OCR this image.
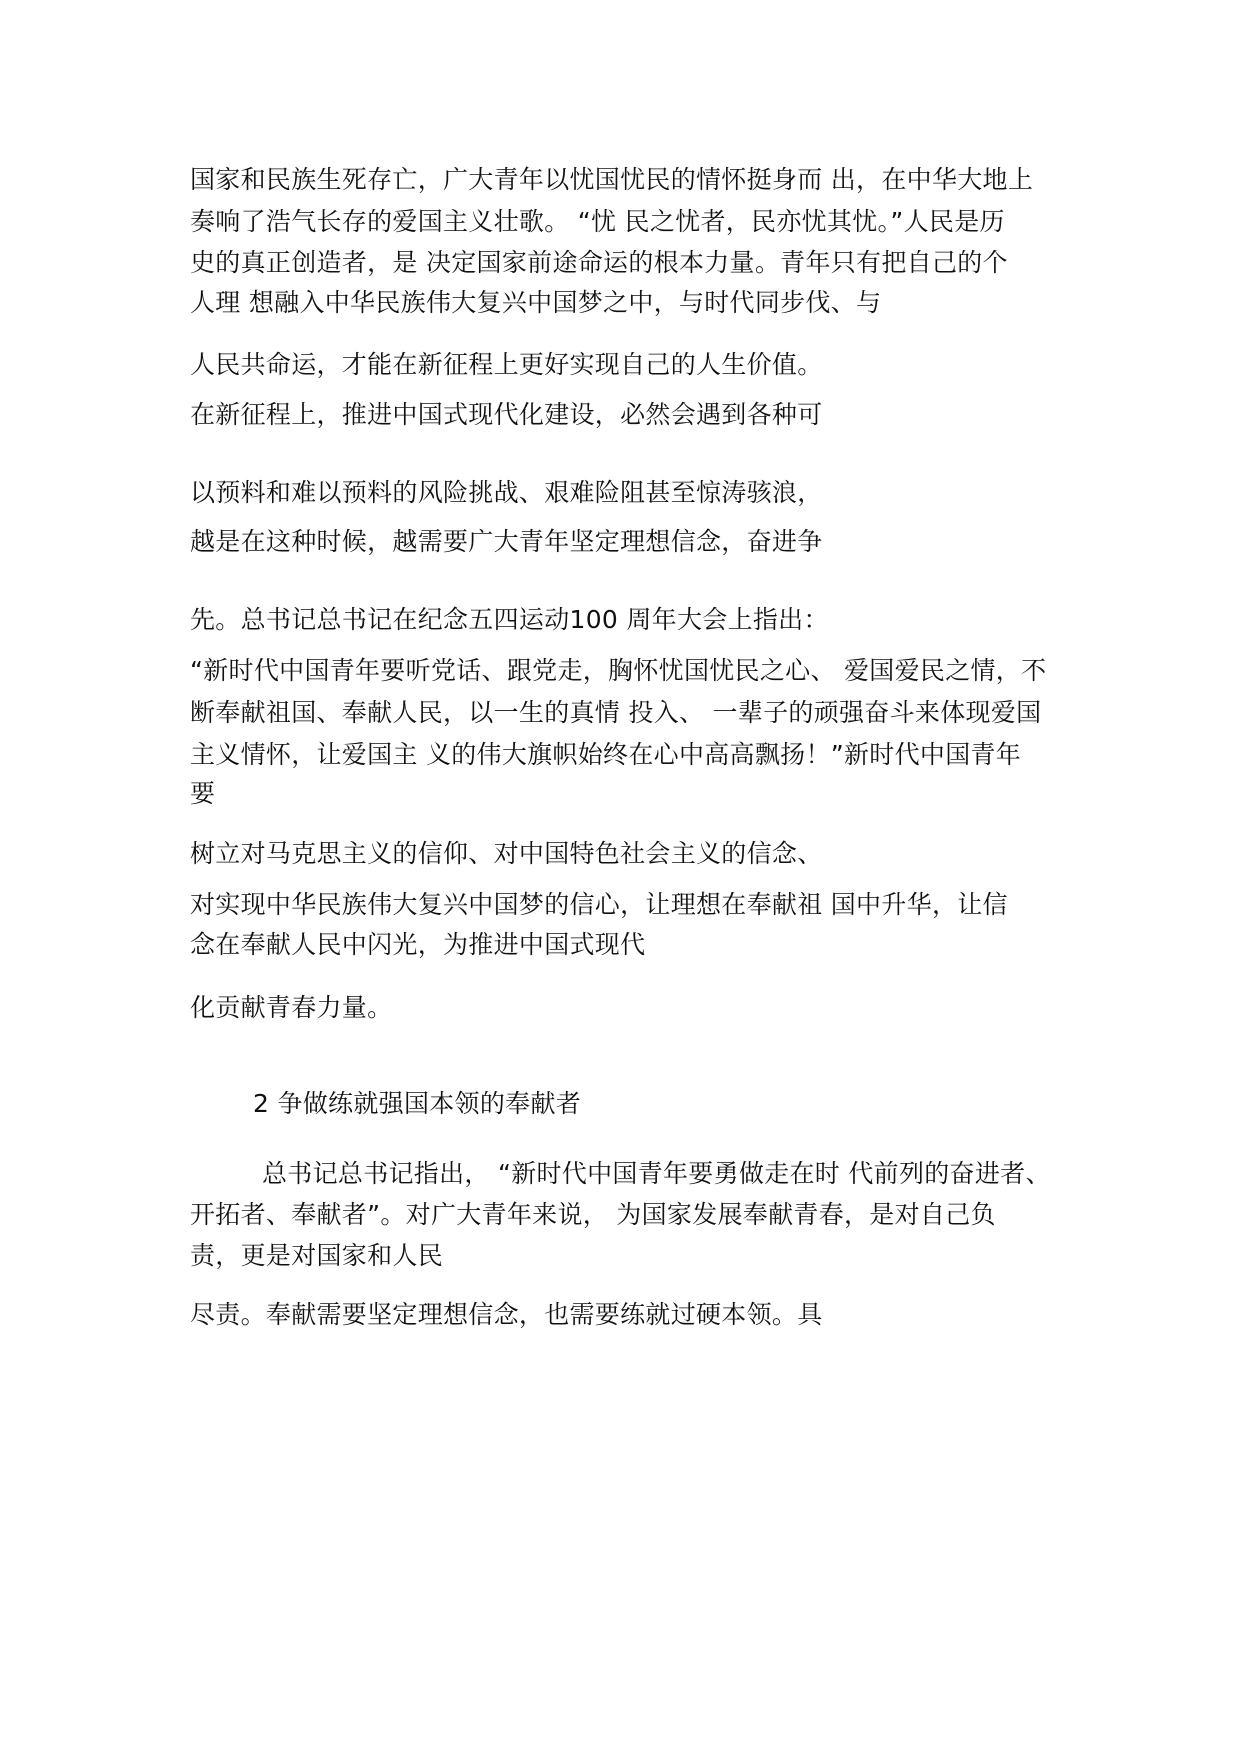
国家和民族生死存亡，广大青年以忧国忧民的情怀挺身而 出，在中华大地上
奏响了浩气长存的爱国主义壮歌。 “忧 民之忧者，民亦忧其忧。”人民是历
史的真正创造者，是 决定国家前途命运的根本力量。青年只有把自己的个
人理 想融入中华民族伟大复兴中国梦之中，与时代同步伐、与
人民共命运，才能在新征程上更好实现自己的人生价值。
在新征程上，推进中国式现代化建设，必然会遇到各种可
以预料和难以预料的风险挑战、艰难险阻甚至惊涛骇浪，
越是在这种时候，越需要广大青年坚定理想信念，奋进争
先。总书记总书记在纪念五四运动100 周年大会上指出：
“新时代中国青年要听党话、跟党走，胸怀忧国忧民之心、 爱国爱民之情，不
断奉献祖国、奉献人民，以一生的真情 投入、 一辈子的顽强奋斗来体现爱国
主义情怀，让爱国主 义的伟大旗帜始终在心中高高飘扬！”新时代中国青年
要
树立对马克思主义的信仰、对中国特色社会主义的信念、
对实现中华民族伟大复兴中国梦的信心，让理想在奉献祖 国中升华，让信
念在奉献人民中闪光，为推进中国式现代
化贡献青春力量。
2 争做练就强国本领的奉献者
总书记总书记指出， “新时代中国青年要勇做走在时 代前列的奋进者、
开拓者、奉献者”。对广大青年来说， 为国家发展奉献青春，是对自己负
责，更是对国家和人民
尽责。奉献需要坚定理想信念，也需要练就过硬本领。具
